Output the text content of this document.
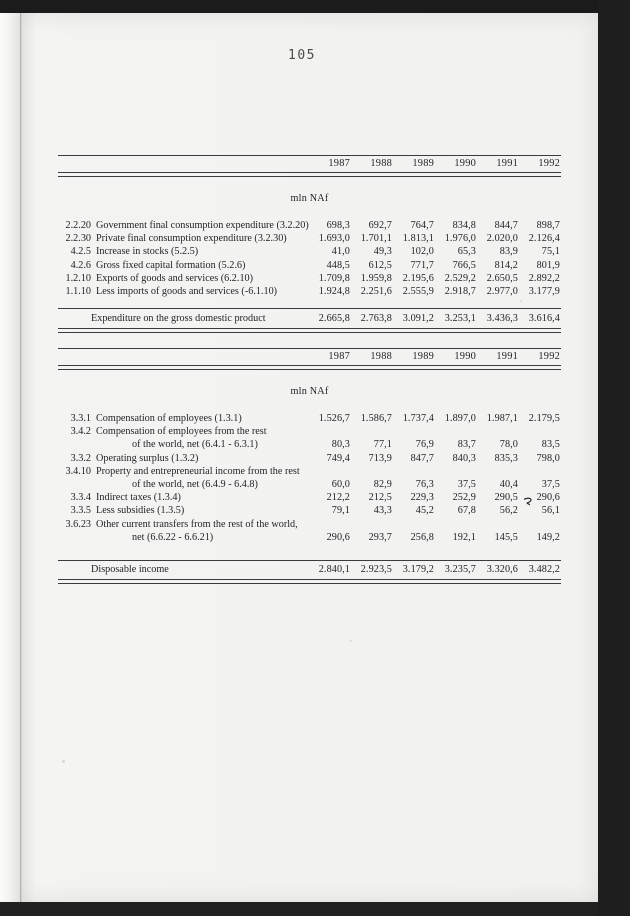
105
		1987	1988	1989	1990	1991	1992
mln NAf							
2.2.20	Government final consumption expenditure (3.2.20)	698,3	692,7	764,7	834,8	844,7	898,7
2.2.30	Private final consumption expenditure (3.2.30)	1.693,0	1.701,1	1.813,1	1.976,0	2.020,0	2.126,4
4.2.5	Increase in stocks (5.2.5)	41,0	49,3	102,0	65,3	83,9	75,1
4.2.6	Gross fixed capital formation (5.2.6)	448,5	612,5	771,7	766,5	814,2	801,9
1.2.10	Exports of goods and services (6.2.10)	1.709,8	1.959,8	2.195,6	2.529,2	2.650,5	2.892,2
1.1.10	Less imports of goods and services (-6.1.10)	1.924,8	2.251,6	2.555,9	2.918,7	2.977,0	3.177,9
Expenditure on the gross domestic product	2.665,8	2.763,8	3.091,2	3.253,1	3.436,3	3.616,4
		1987	1988	1989	1990	1991	1992
mln NAf							
3.3.1	Compensation of employees (1.3.1)	1.526,7	1.586,7	1.737,4	1.897,0	1.987,1	2.179,5
3.4.2	Compensation of employees from the rest						
	of the world, net (6.4.1 - 6.3.1)	80,3	77,1	76,9	83,7	78,0	83,5
3.3.2	Operating surplus (1.3.2)	749,4	713,9	847,7	840,3	835,3	798,0
3.4.10	Property and entrepreneurial income from the rest						
	of the world, net (6.4.9 - 6.4.8)	60,0	82,9	76,3	37,5	40,4	37,5
3.3.4	Indirect taxes (1.3.4)	212,2	212,5	229,3	252,9	290,5	290,6
3.3.5	Less subsidies (1.3.5)	79,1	43,3	45,2	67,8	56,2	56,1
3.6.23	Other current transfers from the rest of the world,						
	net (6.6.22 - 6.6.21)	290,6	293,7	256,8	192,1	145,5	149,2
Disposable income	2.840,1	2.923,5	3.179,2	3.235,7	3.320,6	3.482,2
